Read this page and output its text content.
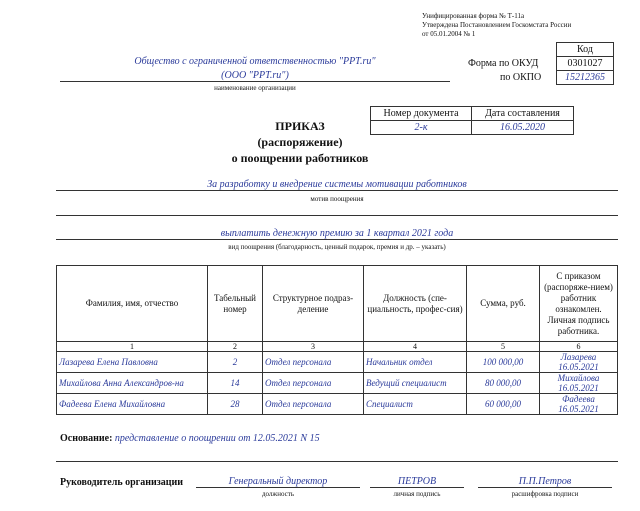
Унифицированная форма № Т-11а
Утверждена Постановлением Госкомстата России
от 05.01.2004 № 1
Форма по ОКУД
по ОКПО
Код
0301027
15212365
Общество с ограниченной ответственностью "PPT.ru"
(ООО "PPT.ru")
наименование организации
Номер документа	Дата составления
2-к	16.05.2020
ПРИКАЗ
(распоряжение)
о поощрении работников
За разработку и внедрение системы мотивации работников
мотив поощрения
выплатить денежную премию за 1 квартал 2021 года
вид поощрения (благодарность, ценный подарок, премия и др. – указать)
Фамилия, имя, отчество	Табельный номер	Структурное подраз-деление	Должность (спе-циальность, профес-сия)	Сумма, руб.	С приказом (распоряже-нием) работник ознакомлен. Личная подпись работника.
1	2	3	4	5	6
Лазарева Елена Павловна	2	Отдел персонала	Начальник отдел	100 000,00	Лазарева
16.05.2021

Михайлова Анна Александров-на	14	Отдел персонала	Ведущий специалист	80 000,00	Михайлова
16.05.2021

Фадеева Елена Михайловна	28	Отдел персонала	Специалист	60 000,00	Фадеева
16.05.2021
Основание: представление о поощрении от 12.05.2021 N 15
Руководитель организации	Генеральный директор
должность
ПЕТРОВ
личная подпись
П.П.Петров
расшифровка подписи
